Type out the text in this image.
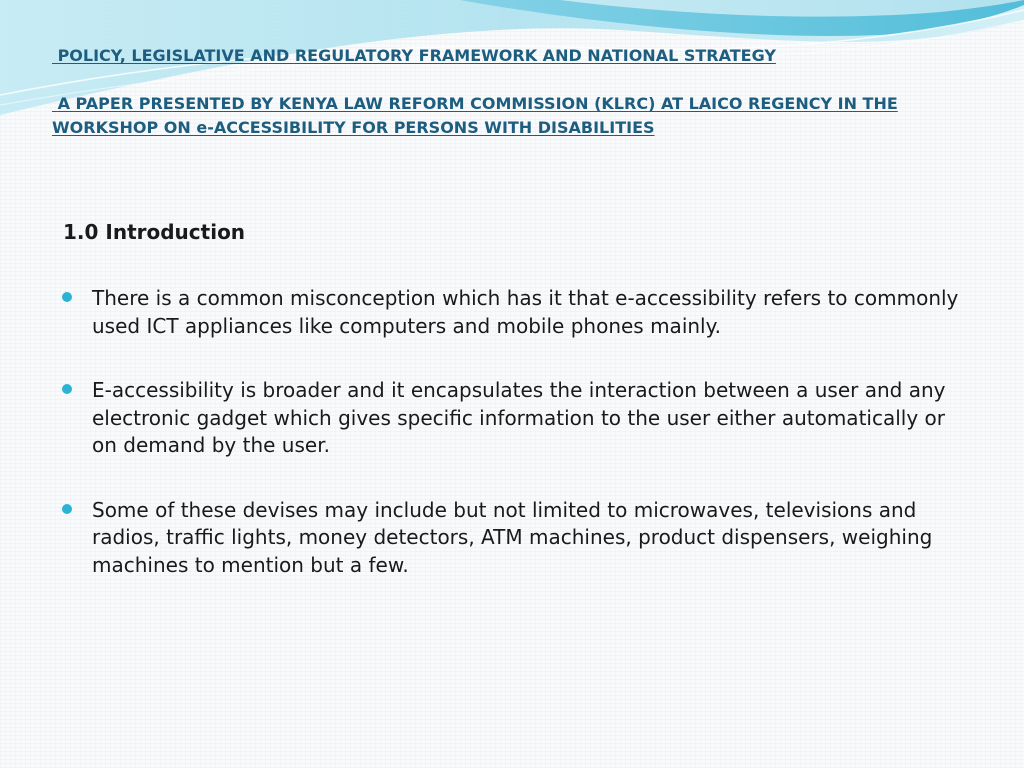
POLICY, LEGISLATIVE AND REGULATORY FRAMEWORK AND NATIONAL STRATEGY

A PAPER PRESENTED BY KENYA LAW REFORM COMMISSION (KLRC) AT LAICO REGENCY IN THE WORKSHOP ON e-ACCESSIBILITY FOR PERSONS WITH DISABILITIES

1.0 Introduction
There is a common misconception which has it that e-accessibility refers to commonly used ICT appliances like computers and mobile phones mainly.
E-accessibility is broader and it encapsulates the interaction between a user and any electronic gadget which gives specific information to the user either automatically or on demand by the user.
Some of these devises may include but not limited to microwaves, televisions and radios, traffic lights, money detectors, ATM machines, product dispensers, weighing machines to mention but a few.
